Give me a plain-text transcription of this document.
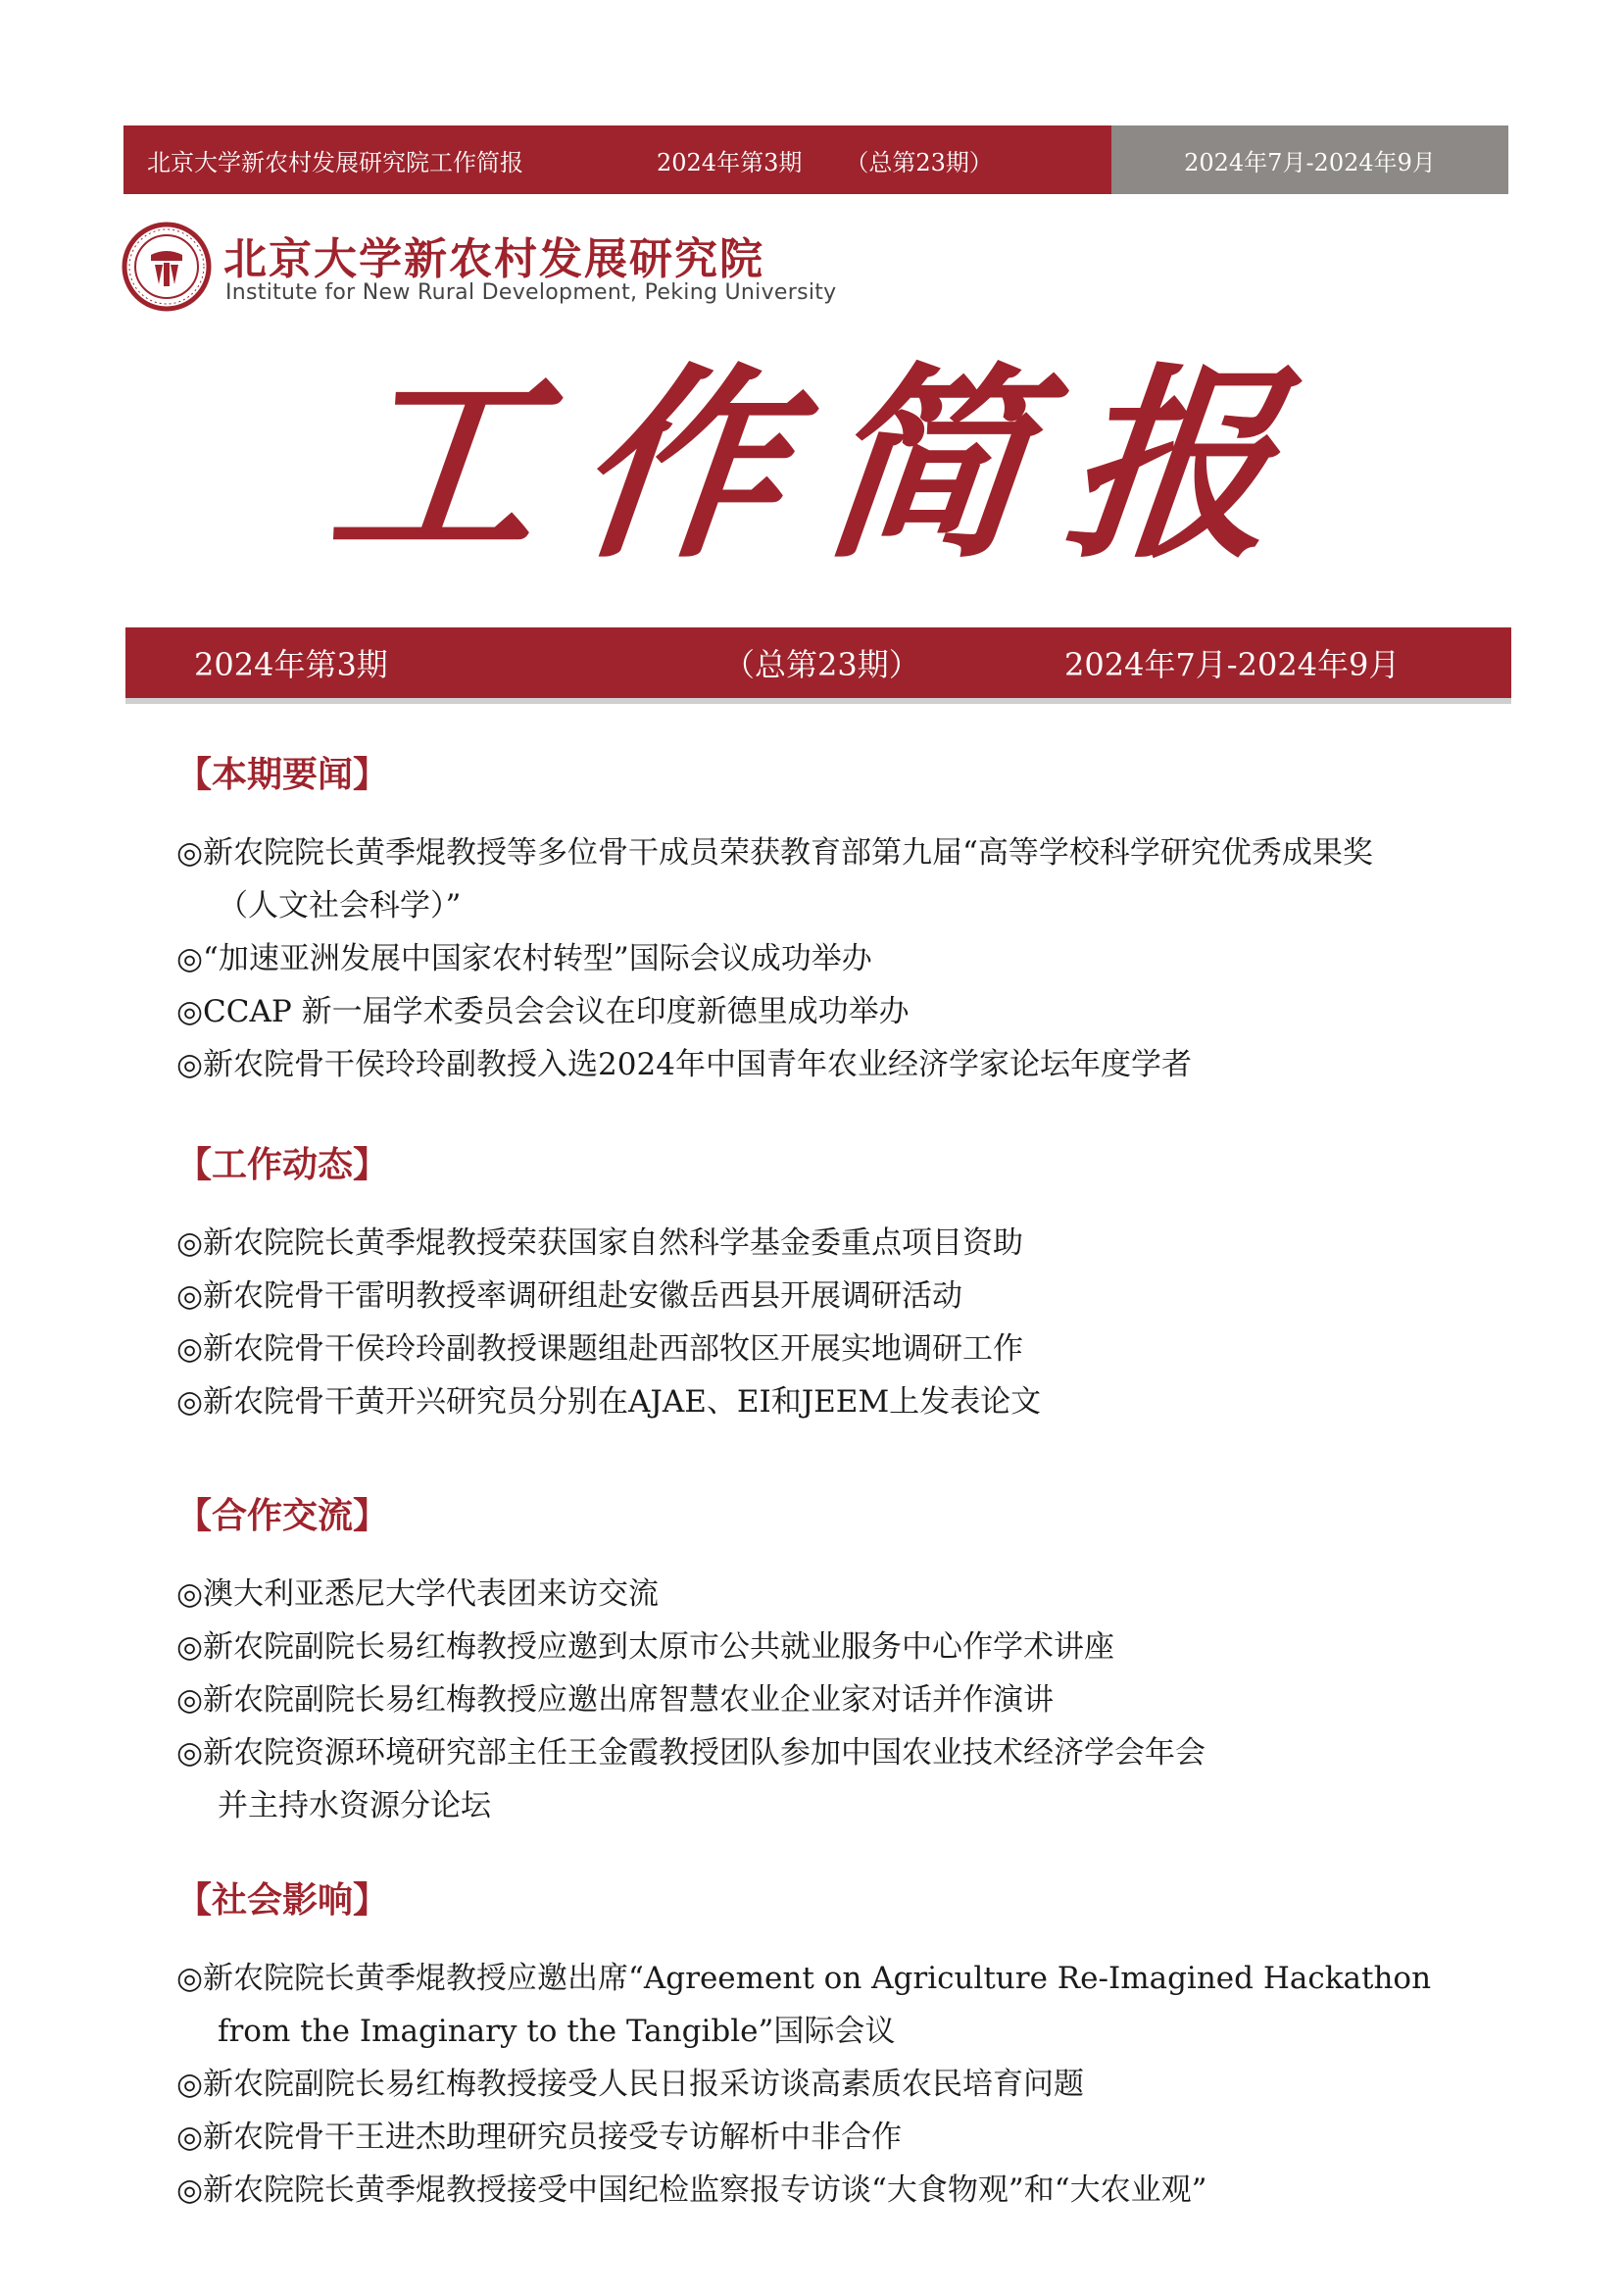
北京大学新农村发展研究院工作简报	2024年第3期 （总第23期）	2024年7月-2024年9月
北京大学新农村发展研究院
Institute for New Rural Development, Peking University
工作简报
2024年第3期	（总第23期）	2024年7月-2024年9月
【本期要闻】
◎新农院院长黄季焜教授等多位骨干成员荣获教育部第九届“高等学校科学研究优秀成果奖
（人文社会科学）”
◎“加速亚洲发展中国家农村转型”国际会议成功举办
◎CCAP 新一届学术委员会会议在印度新德里成功举办
◎新农院骨干侯玲玲副教授入选2024年中国青年农业经济学家论坛年度学者
【工作动态】
◎新农院院长黄季焜教授荣获国家自然科学基金委重点项目资助
◎新农院骨干雷明教授率调研组赴安徽岳西县开展调研活动
◎新农院骨干侯玲玲副教授课题组赴西部牧区开展实地调研工作
◎新农院骨干黄开兴研究员分别在AJAE、EI和JEEM上发表论文
【合作交流】
◎澳大利亚悉尼大学代表团来访交流
◎新农院副院长易红梅教授应邀到太原市公共就业服务中心作学术讲座
◎新农院副院长易红梅教授应邀出席智慧农业企业家对话并作演讲
◎新农院资源环境研究部主任王金霞教授团队参加中国农业技术经济学会年会
并主持水资源分论坛
【社会影响】
◎新农院院长黄季焜教授应邀出席“Agreement on Agriculture Re-Imagined Hackathon
from the Imaginary to the Tangible”国际会议
◎新农院副院长易红梅教授接受人民日报采访谈高素质农民培育问题
◎新农院骨干王进杰助理研究员接受专访解析中非合作
◎新农院院长黄季焜教授接受中国纪检监察报专访谈“大食物观”和“大农业观”
